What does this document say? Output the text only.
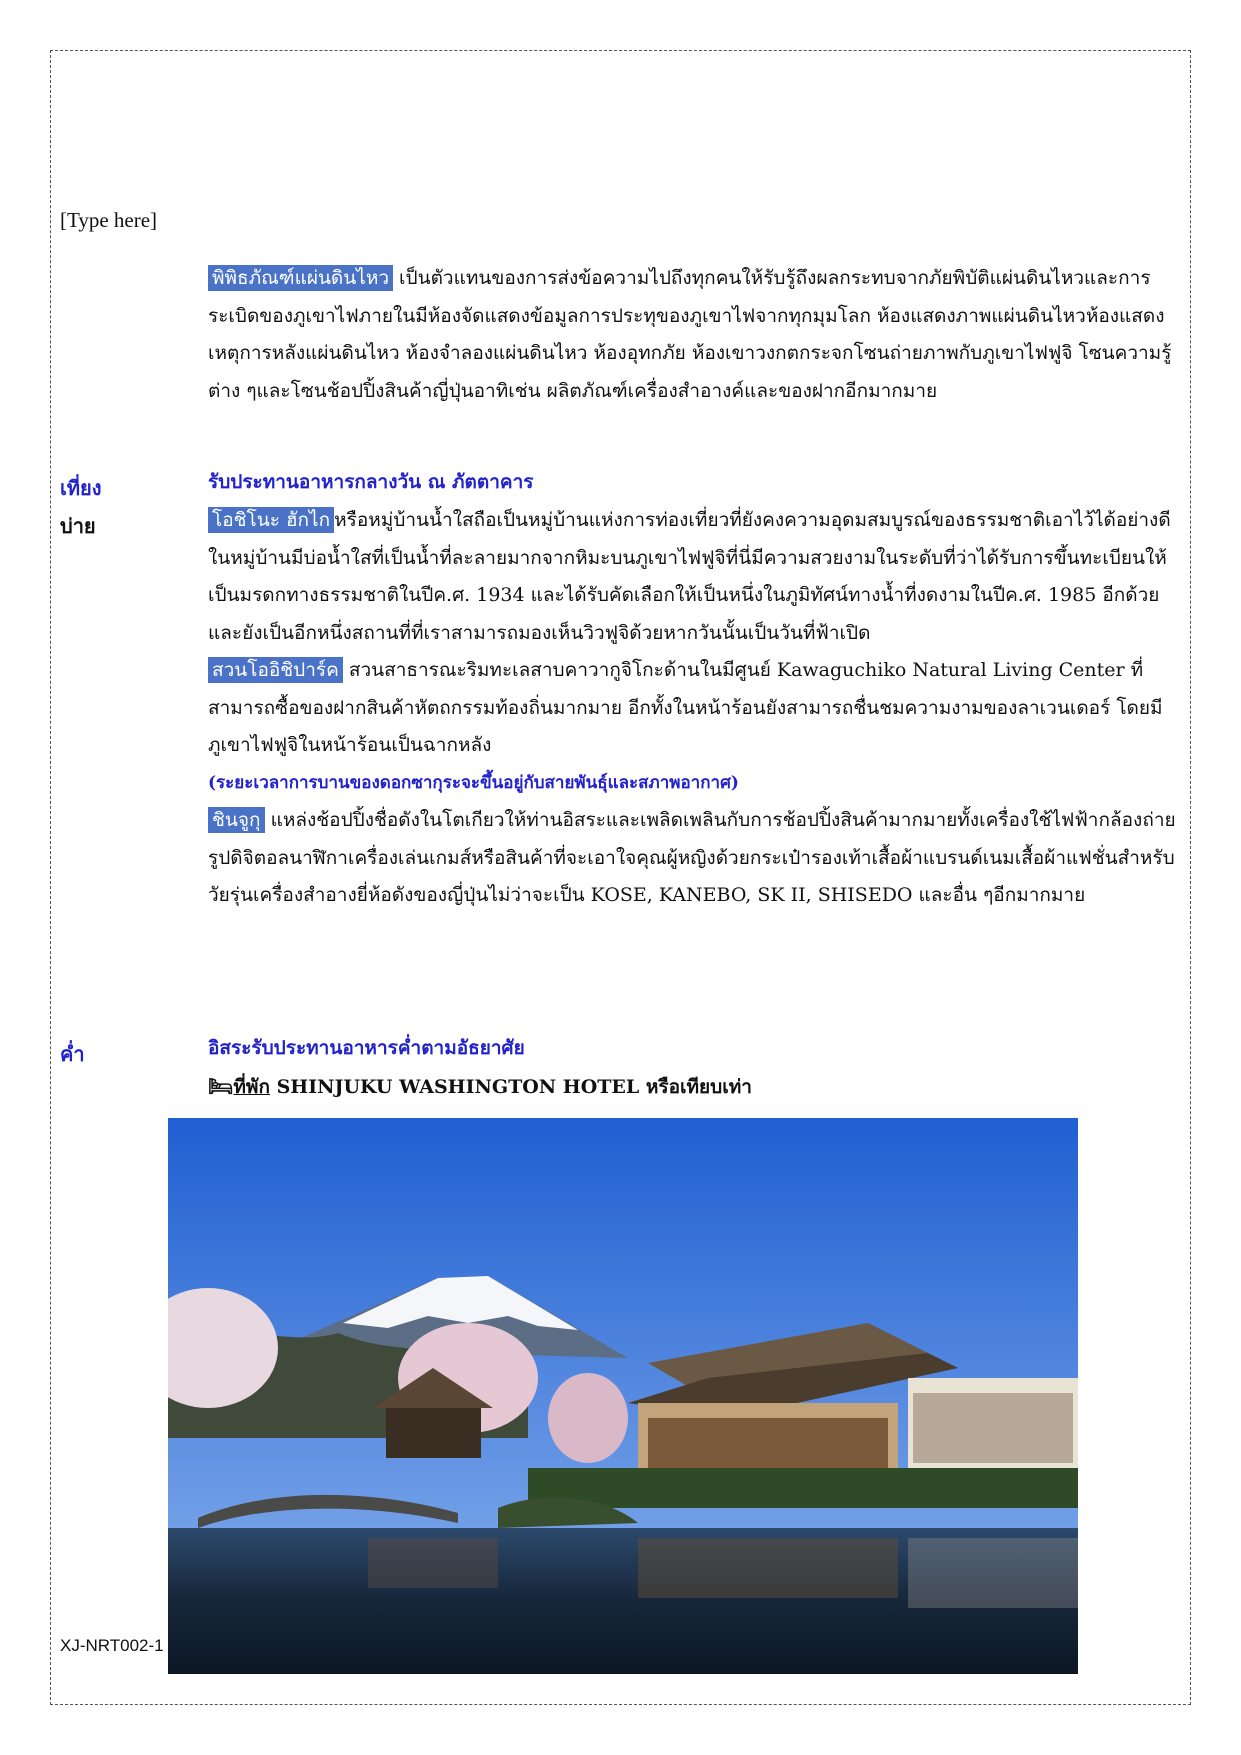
[Type here]
พิพิธภัณฑ์แผ่นดินไหว เป็นตัวแทนของการส่งข้อความไปถึงทุกคนให้รับรู้ถึงผลกระทบจากภัยพิบัติแผ่นดินไหวและการระเบิดของภูเขาไฟภายในมีห้องจัดแสดงข้อมูลการประทุของภูเขาไฟจากทุกมุมโลก ห้องแสดงภาพแผ่นดินไหวห้องแสดงเหตุการหลังแผ่นดินไหว ห้องจำลองแผ่นดินไหว ห้องอุทกภัย ห้องเขาวงกตกระจกโซนถ่ายภาพกับภูเขาไฟฟูจิ โซนความรู้ต่าง ๆและโซนช้อปปิ้งสินค้าญี่ปุ่นอาทิเช่น ผลิตภัณฑ์เครื่องสำอางค์และของฝากอีกมากมาย
เที่ยง	รับประทานอาหารกลางวัน ณ ภัตตาคาร
บ่าย	โอชิโนะ ฮักไก หรือหมู่บ้านน้ำใสถือเป็นหมู่บ้านแห่งการท่องเที่ยวที่ยังคงความอุดมสมบูรณ์ของธรรมชาติเอาไว้ได้อย่างดีในหมู่บ้านมีบ่อน้ำใสที่เป็นน้ำที่ละลายมากจากหิมะบนภูเขาไฟฟูจิที่นี่มีความสวยงามในระดับที่ว่าได้รับการขึ้นทะเบียนให้เป็นมรดกทางธรรมชาติในปีค.ศ. 1934 และได้รับคัดเลือกให้เป็นหนึ่งในภูมิทัศน์ทางน้ำที่งดงามในปีค.ศ. 1985 อีกด้วยและยังเป็นอีกหนึ่งสถานที่ที่เราสามารถมองเห็นวิวฟูจิด้วยหากวันนั้นเป็นวันที่ฟ้าเปิด
สวนโออิชิปาร์ค สวนสาธารณะริมทะเลสาบคาวากูจิโกะด้านในมีศูนย์ Kawaguchiko Natural Living Center ที่สามารถซื้อของฝากสินค้าหัตถกรรมท้องถิ่นมากมาย อีกทั้งในหน้าร้อนยังสามารถชื่นชมความงามของลาเวนเดอร์ โดยมีภูเขาไฟฟูจิในหน้าร้อนเป็นฉากหลัง
(ระยะเวลาการบานของดอกซากุระจะขึ้นอยู่กับสายพันธุ์และสภาพอากาศ)
ชินจูกุ แหล่งช้อปปิ้งชื่อดังในโตเกียวให้ท่านอิสระและเพลิดเพลินกับการช้อปปิ้งสินค้ามากมายทั้งเครื่องใช้ไฟฟ้ากล้องถ่ายรูปดิจิตอลนาฬิกาเครื่องเล่นเกมส์หรือสินค้าที่จะเอาใจคุณผู้หญิงด้วยกระเป๋ารองเท้าเสื้อผ้าแบรนด์เนมเสื้อผ้าแฟชั่นสำหรับวัยรุ่นเครื่องสำอางยี่ห้อดังของญี่ปุ่นไม่ว่าจะเป็น KOSE, KANEBO, SK II, SHISEDO และอื่น ๆอีกมากมาย
ค่ำ	อิสระรับประทานอาหารค่ำตามอัธยาศัย
🛏ที่พัก SHINJUKU WASHINGTON HOTEL หรือเทียบเท่า
XJ-NRT002-1
